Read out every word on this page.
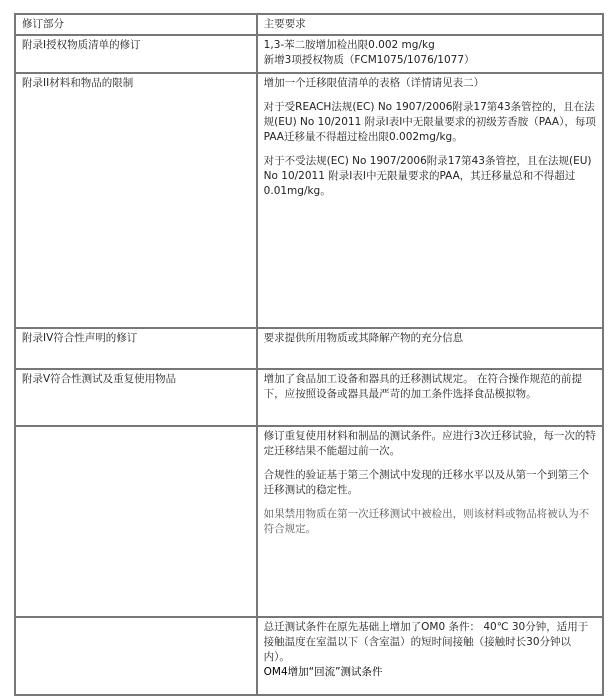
修订部分	主要要求
附录I授权物质清单的修订	1,3-苯二胺增加检出限0.002 mg/kg
新增3项授权物质（FCM1075/1076/1077）

附录II材料和物品的限制	增加一个迁移限值清单的表格（详情请见表二）

对于受REACH法规(EC) No 1907/2006附录17第43条管控的，且在法规(EU) No 10/2011 附录I表I中无限量要求的初级芳香胺（PAA），每项PAA迁移量不得超过检出限0.002mg/kg。

对于不受法规(EC) No 1907/2006附录17第43条管控，且在法规(EU) No 10/2011 附录I表I中无限量要求的PAA，其迁移量总和不得超过0.01mg/kg。

附录IV符合性声明的修订	要求提供所用物质或其降解产物的充分信息

附录V符合性测试及重复使用物品	增加了食品加工设备和器具的迁移测试规定。 在符合操作规范的前提下，应按照设备或器具最严苛的加工条件选择食品模拟物。

	修订重复使用材料和制品的测试条件。应进行3次迁移试验，每一次的特定迁移结果不能超过前一次。

合规性的验证基于第三个测试中发现的迁移水平以及从第一个到第三个迁移测试的稳定性。

如果禁用物质在第一次迁移测试中被检出，则该材料或物品将被认为不符合规定。

	总迁测试条件在原先基础上增加了OM0 条件： 40℃ 30分钟，适用于接触温度在室温以下（含室温）的短时间接触（接触时长30分钟以内）。
OM4增加“回流”测试条件
